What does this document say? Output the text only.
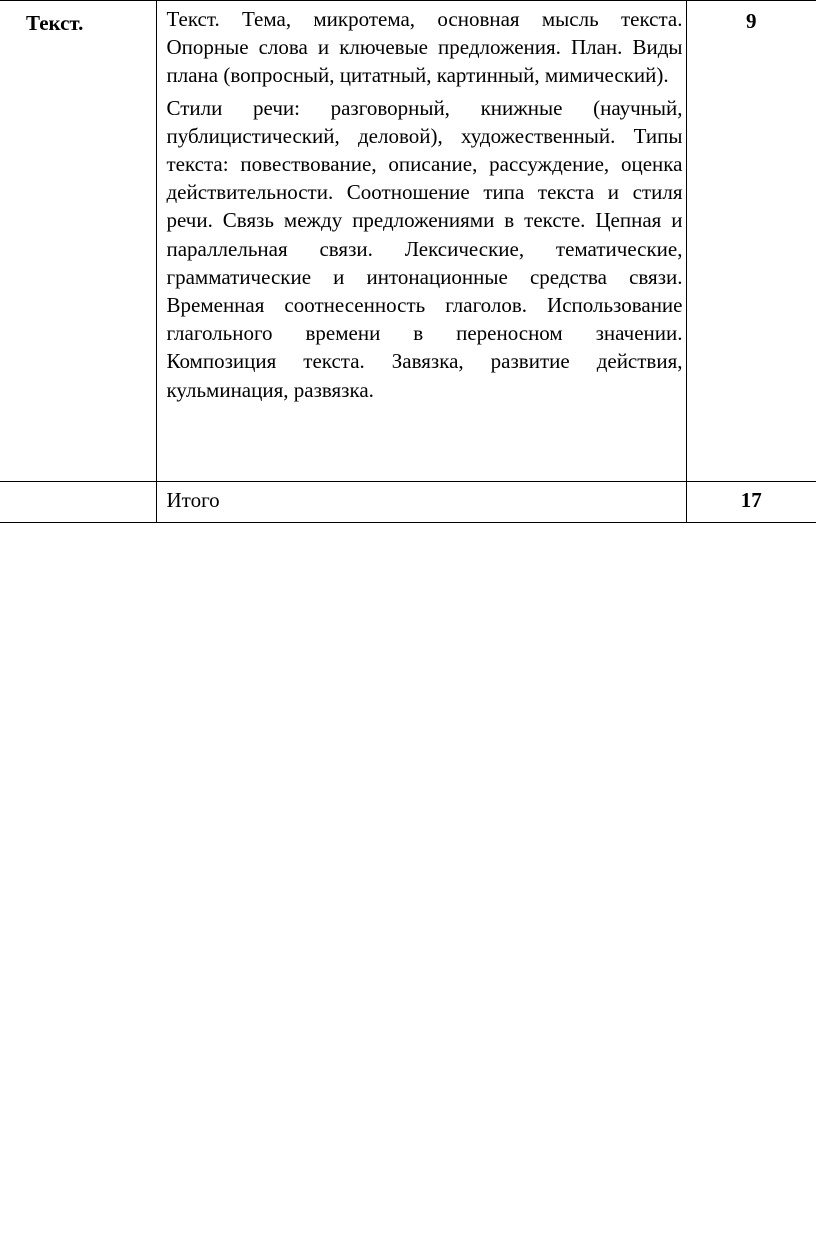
Текст.	Текст. Тема, микротема, основная мысль текста. Опорные слова и ключевые предложения. План. Виды плана (вопросный, цитатный, картинный, мимический).

Стили речи: разговорный, книжные (научный, публицистический, деловой), художественный. Типы текста: повествование, описание, рассуждение, оценка действительности. Соотношение типа текста и стиля речи. Связь между предложениями в тексте. Цепная и параллельная связи. Лексические, тематические, грамматические и интонационные средства связи. Временная соотнесенность глаголов. Использование глагольного времени в переносном значении. Композиция текста. Завязка, развитие действия, кульминация, развязка.	9
	Итого	17
